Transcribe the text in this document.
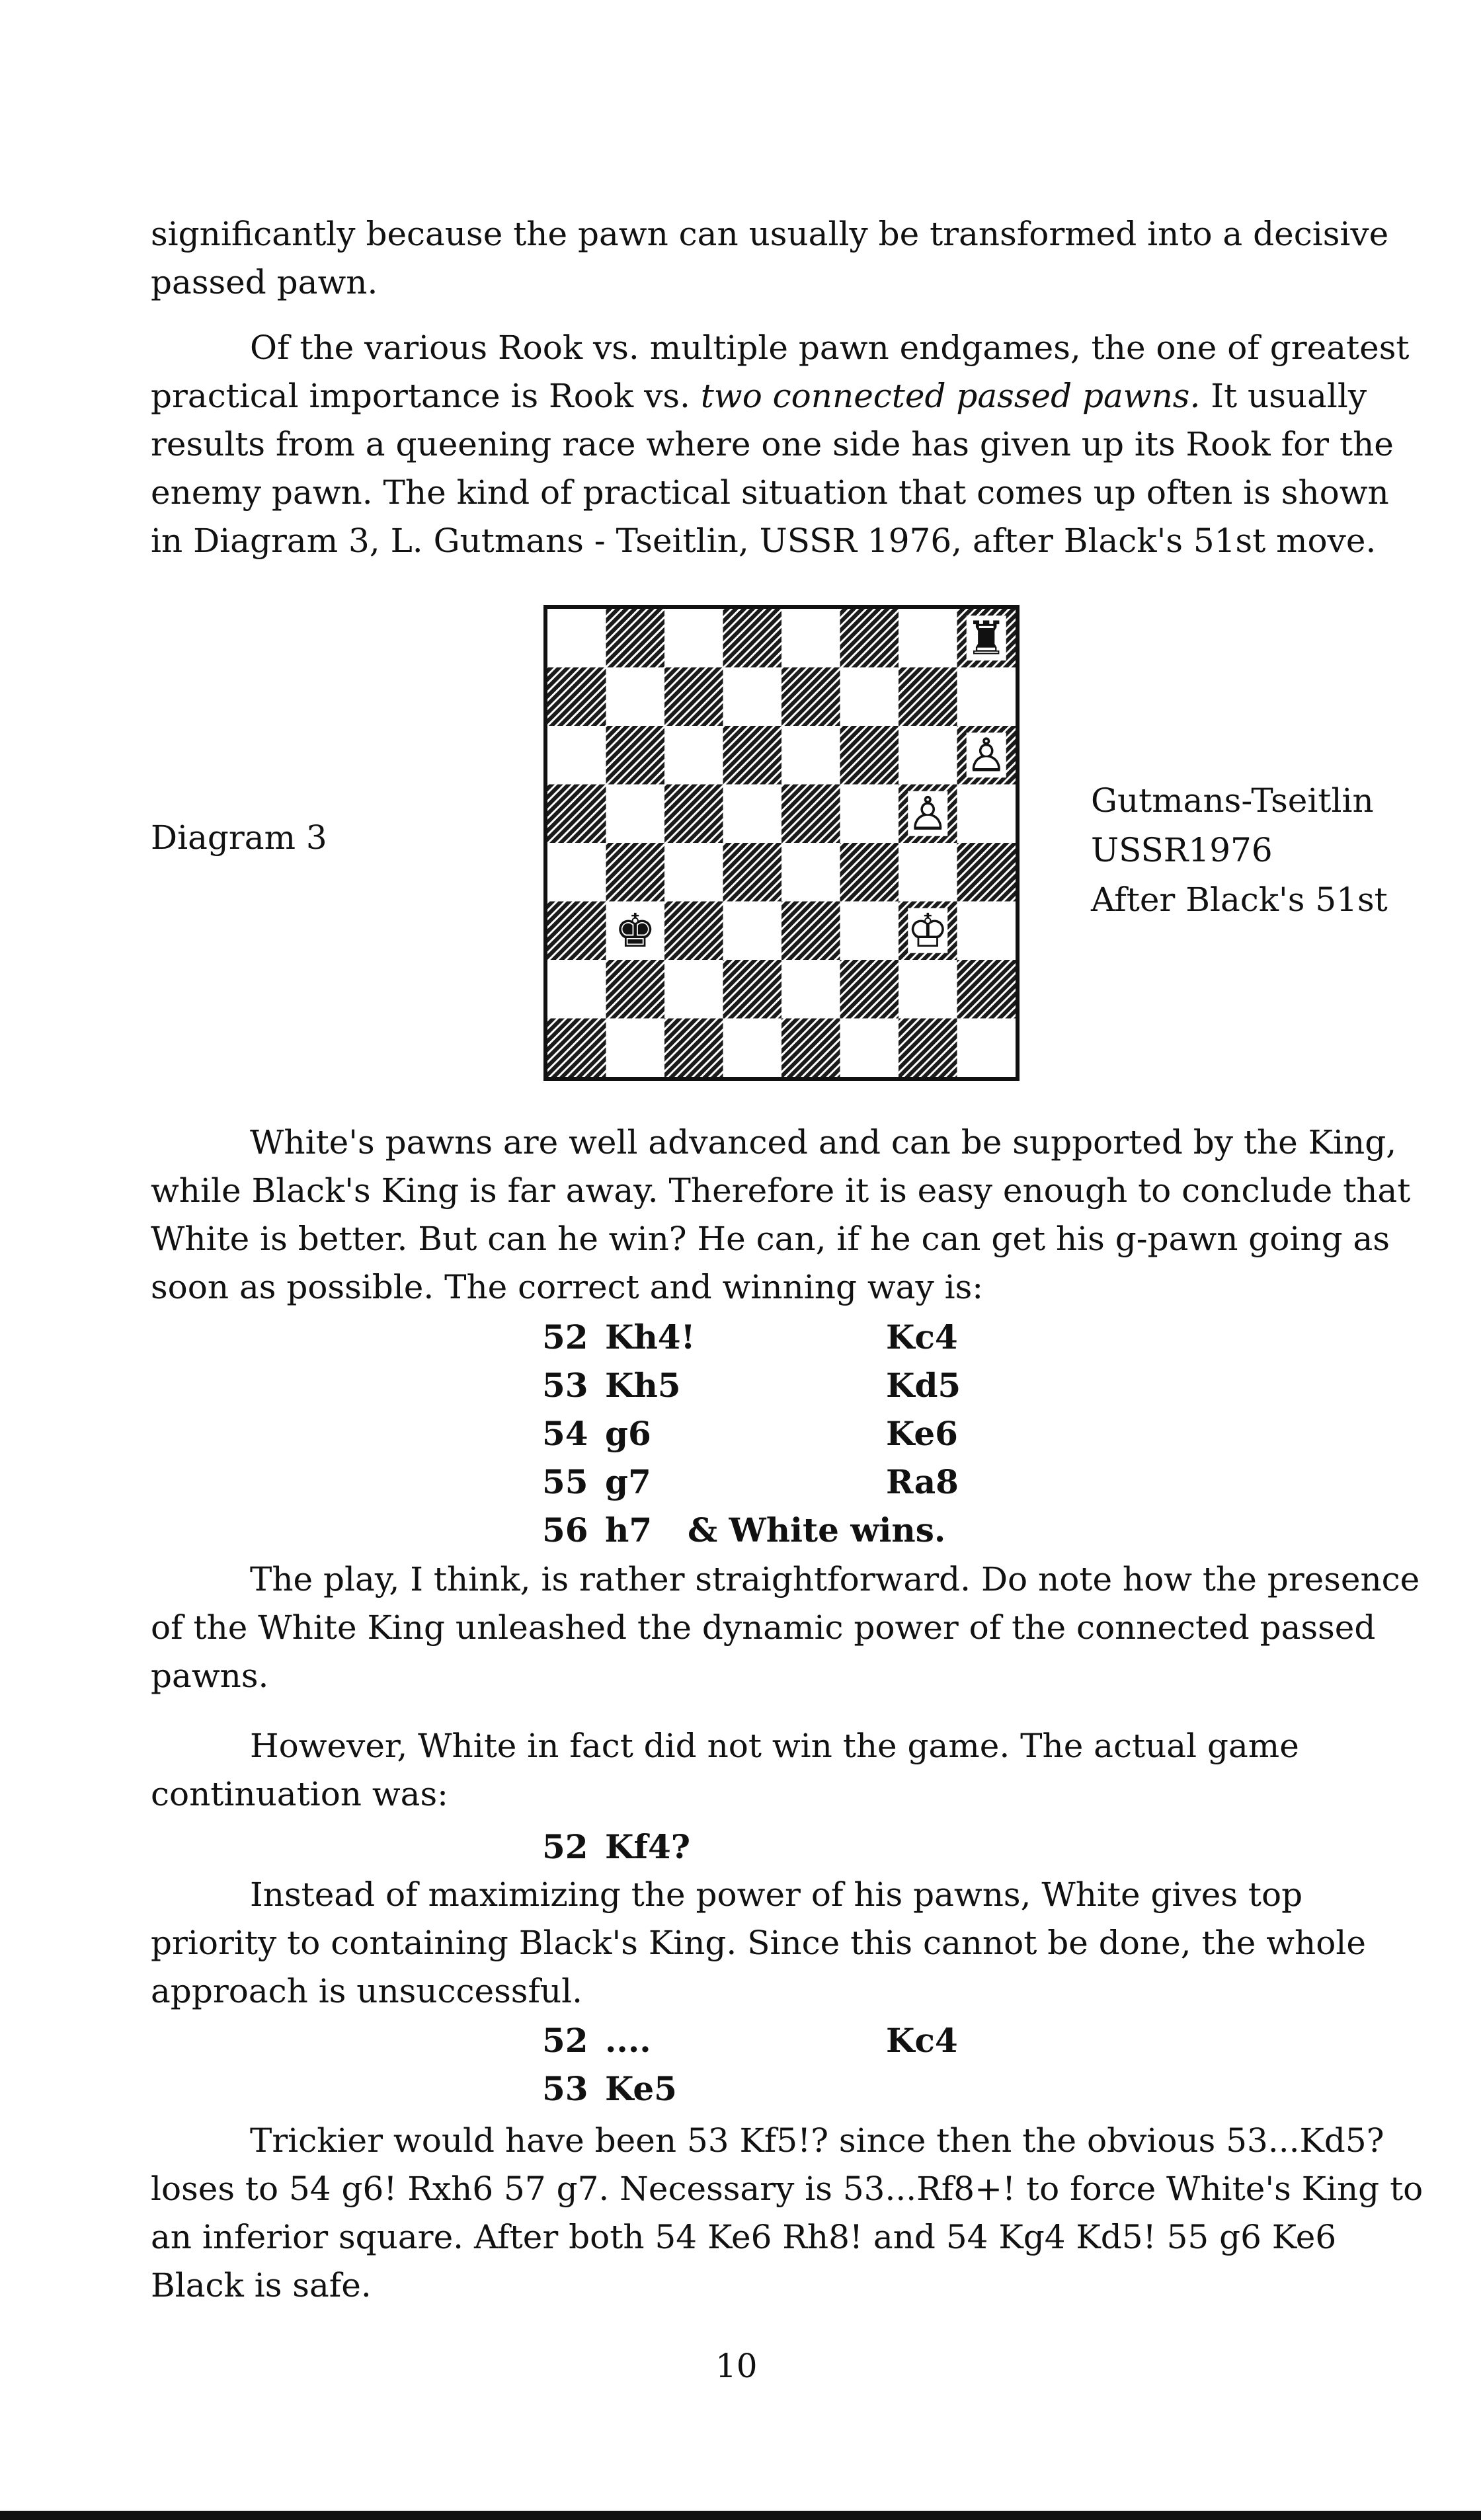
significantly because the pawn can usually be transformed into a decisive passed pawn.

Of the various Rook vs. multiple pawn endgames, the one of greatest practical importance is Rook vs. two connected passed pawns. It usually results from a queening race where one side has given up its Rook for the enemy pawn. The kind of practical situation that comes up often is shown in Diagram 3, L. Gutmans - Tseitlin, USSR 1976, after Black's 51st move.

Diagram 3
♜
♙
♙
♚	♔
Gutmans-Tseitlin
USSR1976
After Black's 51st

White's pawns are well advanced and can be supported by the King, while Black's King is far away. Therefore it is easy enough to conclude that White is better. But can he win? He can, if he can get his g-pawn going as soon as possible. The correct and winning way is:

52 Kh4!	Kc4
53 Kh5	Kd5
54 g6	Ke6
55 g7	Ra8
56 h7 & White wins.

The play, I think, is rather straightforward. Do note how the presence of the White King unleashed the dynamic power of the connected passed pawns.

However, White in fact did not win the game. The actual game continuation was:

52 Kf4?

Instead of maximizing the power of his pawns, White gives top priority to containing Black's King. Since this cannot be done, the whole approach is unsuccessful.

52 ....	Kc4
53 Ke5

Trickier would have been 53 Kf5!? since then the obvious 53...Kd5? loses to 54 g6! Rxh6 57 g7. Necessary is 53...Rf8+! to force White's King to an inferior square. After both 54 Ke6 Rh8! and 54 Kg4 Kd5! 55 g6 Ke6 Black is safe.

10
